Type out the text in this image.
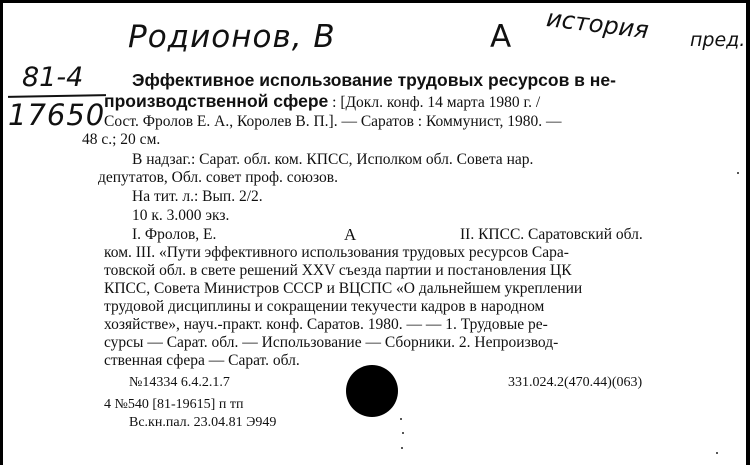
Родионов, В	А история пред.
81-4
17650
Эффективное использование трудовых ресурсов в не-
производственной сфере : [Докл. конф. 14 марта 1980 г. /
Сост. Фролов Е. А., Королев В. П.]. — Саратов : Коммунист, 1980. —
48 с.; 20 см.
В надзаг.: Сарат. обл. ком. КПСС, Исполком обл. Совета нар.
депутатов, Обл. совет проф. союзов.
На тит. л.: Вып. 2/2.
10 к. 3.000 экз.
I. Фролов, Е.	А	II. КПСС. Саратовский обл.
ком. III. «Пути эффективного использования трудовых ресурсов Сара-
товской обл. в свете решений XXV съезда партии и постановления ЦК
КПСС, Совета Министров СССР и ВЦСПС «О дальнейшем укреплении
трудовой дисциплины и сокращении текучести кадров в народном
хозяйстве», науч.-практ. конф. Саратов. 1980. — — 1. Трудовые ре-
сурсы — Сарат. обл. — Использование — Сборники. 2. Непроизвод-
ственная сфера — Сарат. обл.
№14334 6.4.2.1.7	331.024.2(470.44)(063)
4 №540 [81-19615] п тп
Вс.кн.пал. 23.04.81 Э949
